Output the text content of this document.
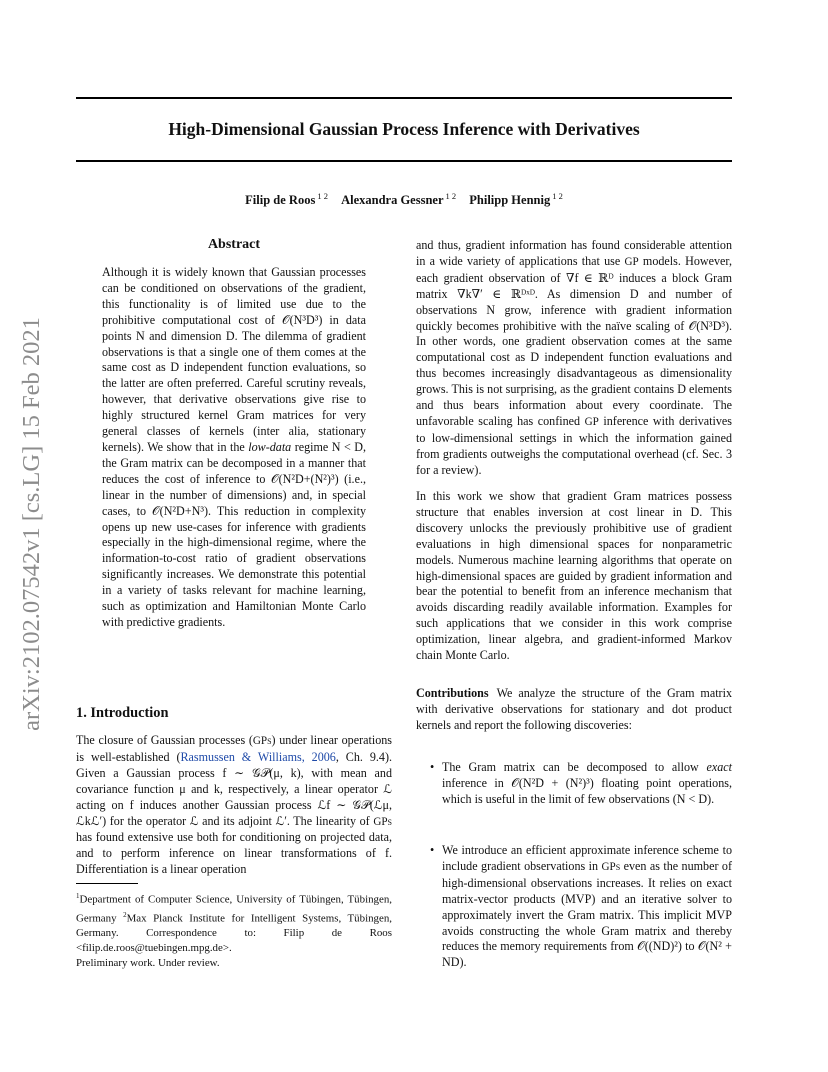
High-Dimensional Gaussian Process Inference with Derivatives
Filip de Roos $^{1 2}$ Alexandra Gessner $^{1 2}$ Philipp Hennig $^{1 2}$
arXiv:2102.07542v1 [cs.LG] 15 Feb 2021
Abstract
Although it is widely known that Gaussian processes can be conditioned on observations of the gradient, this functionality is of limited use due to the prohibitive computational cost of 𝒪(N³D³) in data points N and dimension D. The dilemma of gradient observations is that a single one of them comes at the same cost as D independent function evaluations, so the latter are often preferred. Careful scrutiny reveals, however, that derivative observations give rise to highly structured kernel Gram matrices for very general classes of kernels (inter alia, stationary kernels). We show that in the low-data regime N < D, the Gram matrix can be decomposed in a manner that reduces the cost of inference to 𝒪(N²D+(N²)³) (i.e., linear in the number of dimensions) and, in special cases, to 𝒪(N²D+N³). This reduction in complexity opens up new use-cases for inference with gradients especially in the high-dimensional regime, where the information-to-cost ratio of gradient observations significantly increases. We demonstrate this potential in a variety of tasks relevant for machine learning, such as optimization and Hamiltonian Monte Carlo with predictive gradients.
1. Introduction
The closure of Gaussian processes (GPs) under linear operations is well-established (Rasmussen & Williams, 2006, Ch. 9.4). Given a Gaussian process f ∼ 𝒢𝒫(μ, k), with mean and covariance function μ and k, respectively, a linear operator ℒ acting on f induces another Gaussian process ℒf ∼ 𝒢𝒫(ℒμ, ℒkℒ′) for the operator ℒ and its adjoint ℒ′. The linearity of GPs has found extensive use both for conditioning on projected data, and to perform inference on linear transformations of f. Differentiation is a linear operation
$^1$Department of Computer Science, University of Tübingen, Tübingen, Germany $^2$Max Planck Institute for Intelligent Systems, Tübingen, Germany. Correspondence to: Filip de Roos <filip.de.roos@tuebingen.mpg.de>.
Preliminary work. Under review.
and thus, gradient information has found considerable attention in a wide variety of applications that use GP models. However, each gradient observation of ∇f ∈ ℝᴰ induces a block Gram matrix ∇k∇′ ∈ ℝᴰˣᴰ. As dimension D and number of observations N grow, inference with gradient information quickly becomes prohibitive with the naïve scaling of 𝒪(N³D³). In other words, one gradient observation comes at the same computational cost as D independent function evaluations and thus becomes increasingly disadvantageous as dimensionality grows. This is not surprising, as the gradient contains D elements and thus bears information about every coordinate. The unfavorable scaling has confined GP inference with derivatives to low-dimensional settings in which the information gained from gradients outweighs the computational overhead (cf. Sec. 3 for a review).
In this work we show that gradient Gram matrices possess structure that enables inversion at cost linear in D. This discovery unlocks the previously prohibitive use of gradient evaluations in high dimensional spaces for nonparametric models. Numerous machine learning algorithms that operate on high-dimensional spaces are guided by gradient information and bear the potential to benefit from an inference mechanism that avoids discarding readily available information. Examples for such applications that we consider in this work comprise optimization, linear algebra, and gradient-informed Markov chain Monte Carlo.
Contributions We analyze the structure of the Gram matrix with derivative observations for stationary and dot product kernels and report the following discoveries:
• The Gram matrix can be decomposed to allow exact inference in 𝒪(N²D + (N²)³) floating point operations, which is useful in the limit of few observations (N < D).
• We introduce an efficient approximate inference scheme to include gradient observations in GPs even as the number of high-dimensional observations increases. It relies on exact matrix-vector products (MVP) and an iterative solver to approximately invert the Gram matrix. This implicit MVP avoids constructing the whole Gram matrix and thereby reduces the memory requirements from 𝒪((ND)²) to 𝒪(N² + ND).
